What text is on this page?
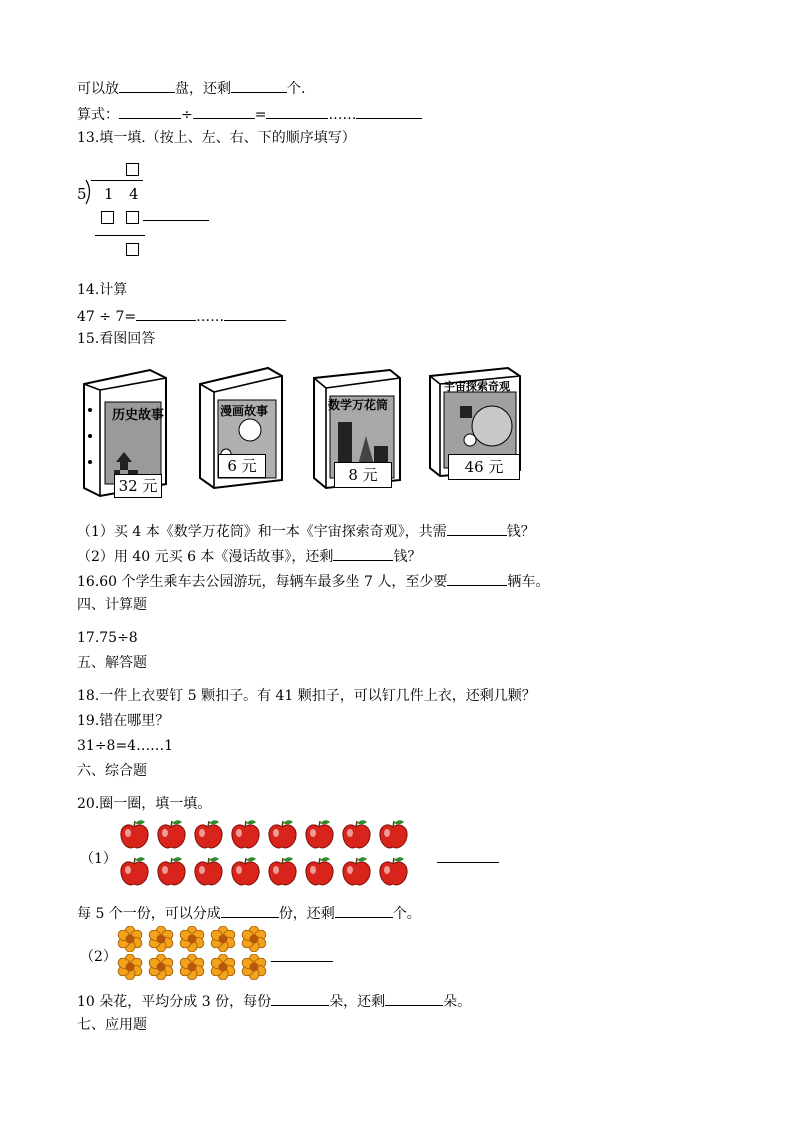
可以放	盘，还剩	个.
算式：	÷	=	……
13.填一填.（按上、左、右、下的顺序填写）
5 1 4
14.计算
47 ÷ 7=	……
15.看图回答
历史故事
32 元
漫画故事
6 元
数学万花筒
8 元
宇宙探索奇观
46 元
（1）买 4 本《数学万花筒》和一本《宇宙探索奇观》，共需	钱？
（2）用 40 元买 6 本《漫话故事》，还剩	钱？
16.60 个学生乘车去公园游玩，每辆车最多坐 7 人，至少要	辆车。
四、计算题
17.75÷8
五、解答题
18.一件上衣要钉 5 颗扣子。有 41 颗扣子，可以钉几件上衣，还剩几颗？
19.错在哪里？
31÷8=4……1
六、综合题
20.圈一圈，填一填。
（1）
每 5 个一份，可以分成	份，还剩	个。
（2）
10 朵花，平均分成 3 份，每份	朵，还剩	朵。
七、应用题
